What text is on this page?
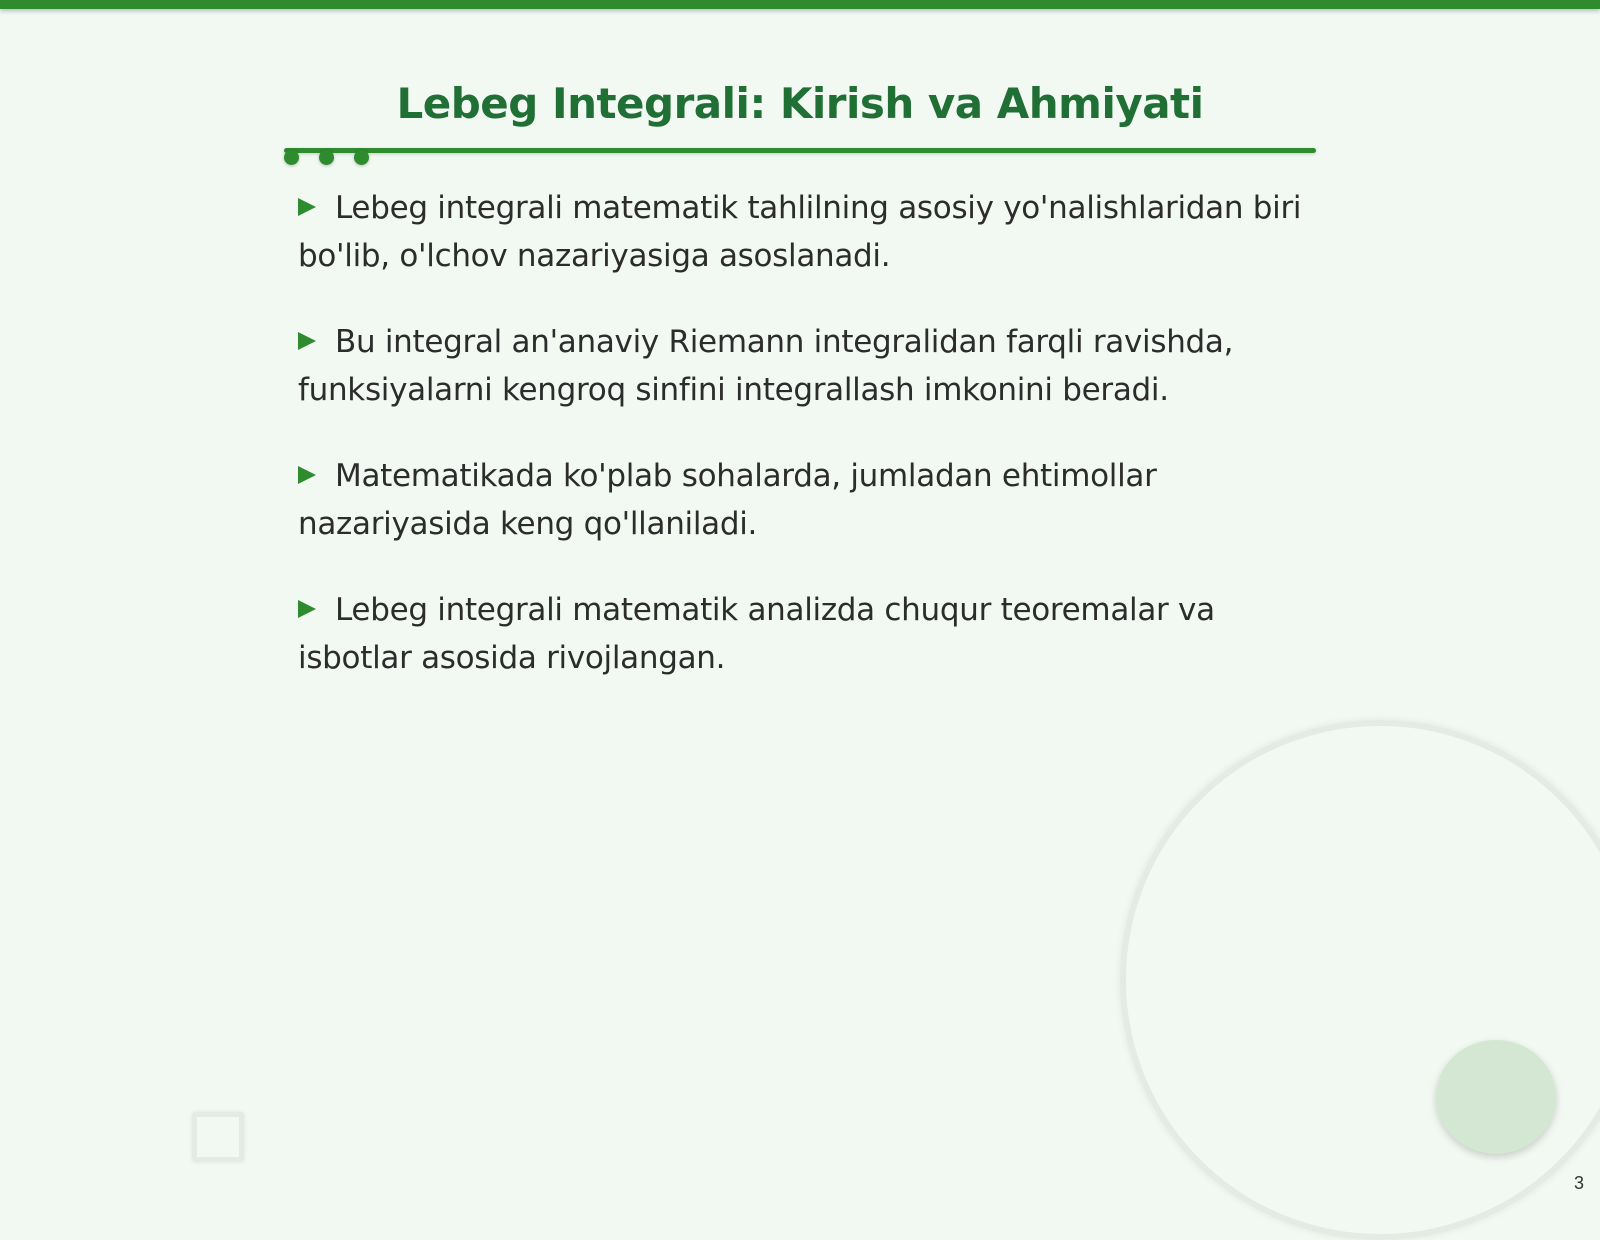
Lebeg Integrali: Kirish va Ahmiyati
Lebeg integrali matematik tahlilning asosiy yo'nalishlaridan biri bo'lib, o'lchov nazariyasiga asoslanadi.
Bu integral an'anaviy Riemann integralidan farqli ravishda, funksiyalarni kengroq sinfini integrallash imkonini beradi.
Matematikada ko'plab sohalarda, jumladan ehtimollar nazariyasida keng qo'llaniladi.
Lebeg integrali matematik analizda chuqur teoremalar va isbotlar asosida rivojlangan.
3
